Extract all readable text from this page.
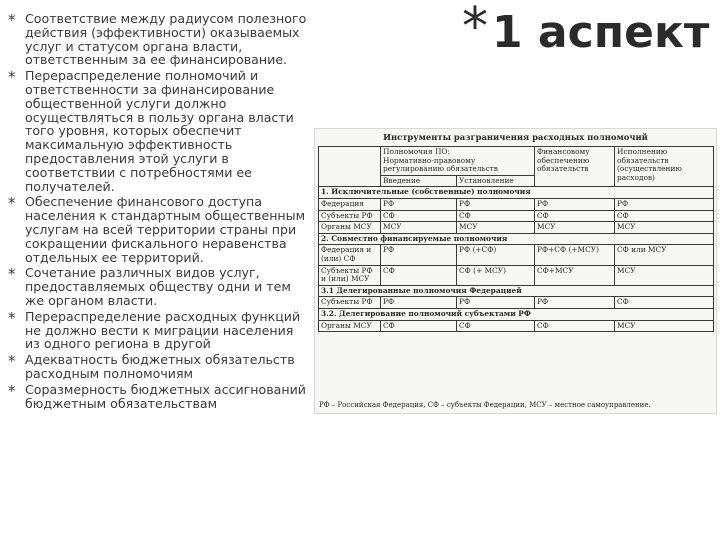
* Соответствие между радиусом полезного действия (эффективности) оказываемых услуг и статусом органа власти, ответственным за ее финансирование.
* Перераспределение полномочий и ответственности за финансирование общественной услуги должно осуществляться в пользу органа власти того уровня, которых обеспечит максимальную эффективность предоставления этой услуги в соответствии с потребностями ее получателей.
* Обеспечение финансового доступа населения к стандартным общественным услугам на всей территории страны при сокращении фискального неравенства отдельных ее территорий.
* Сочетание различных видов услуг, предоставляемых обществу одни и тем же органом власти.
* Перераспределение расходных функций не должно вести к миграции населения из одного региона в другой
* Адекватность бюджетных обязательств расходным полномочиям
* Соразмерность бюджетных ассигнований бюджетным обязательствам
*1 аспект
Инструменты разграничения расходных полномочий
	Полномочия ПО:
Нормативно-правовому регулированию обязательств		Финансовому обеспечению обязательств	Исполнению обязательств (осуществлению расходов)
	Введение	Установление		
1. Исключительные (собственные) полномочия				
Федерация	РФ	РФ	РФ	РФ
Субъекты РФ	СФ	СФ	СФ	СФ
Органы МСУ	МСУ	МСУ	МСУ	МСУ
2. Совместно финансируемые полномочия				
Федерация и (или) СФ	РФ	РФ (+СФ)	РФ+СФ (+МСУ)	СФ или МСУ
Субъекты РФ и (или) МСУ	СФ	СФ (+ МСУ)	СФ+МСУ	МСУ
3.1 Делегированные полномочия Федерацией				
Субъекты РФ	РФ	РФ	РФ	СФ
3.2. Делегирование полномочий субъектами РФ				
Органы МСУ	СФ	СФ	СФ	МСУ
РФ – Российская Федерация, СФ – субъекты Федерации, МСУ – местное самоуправление.
